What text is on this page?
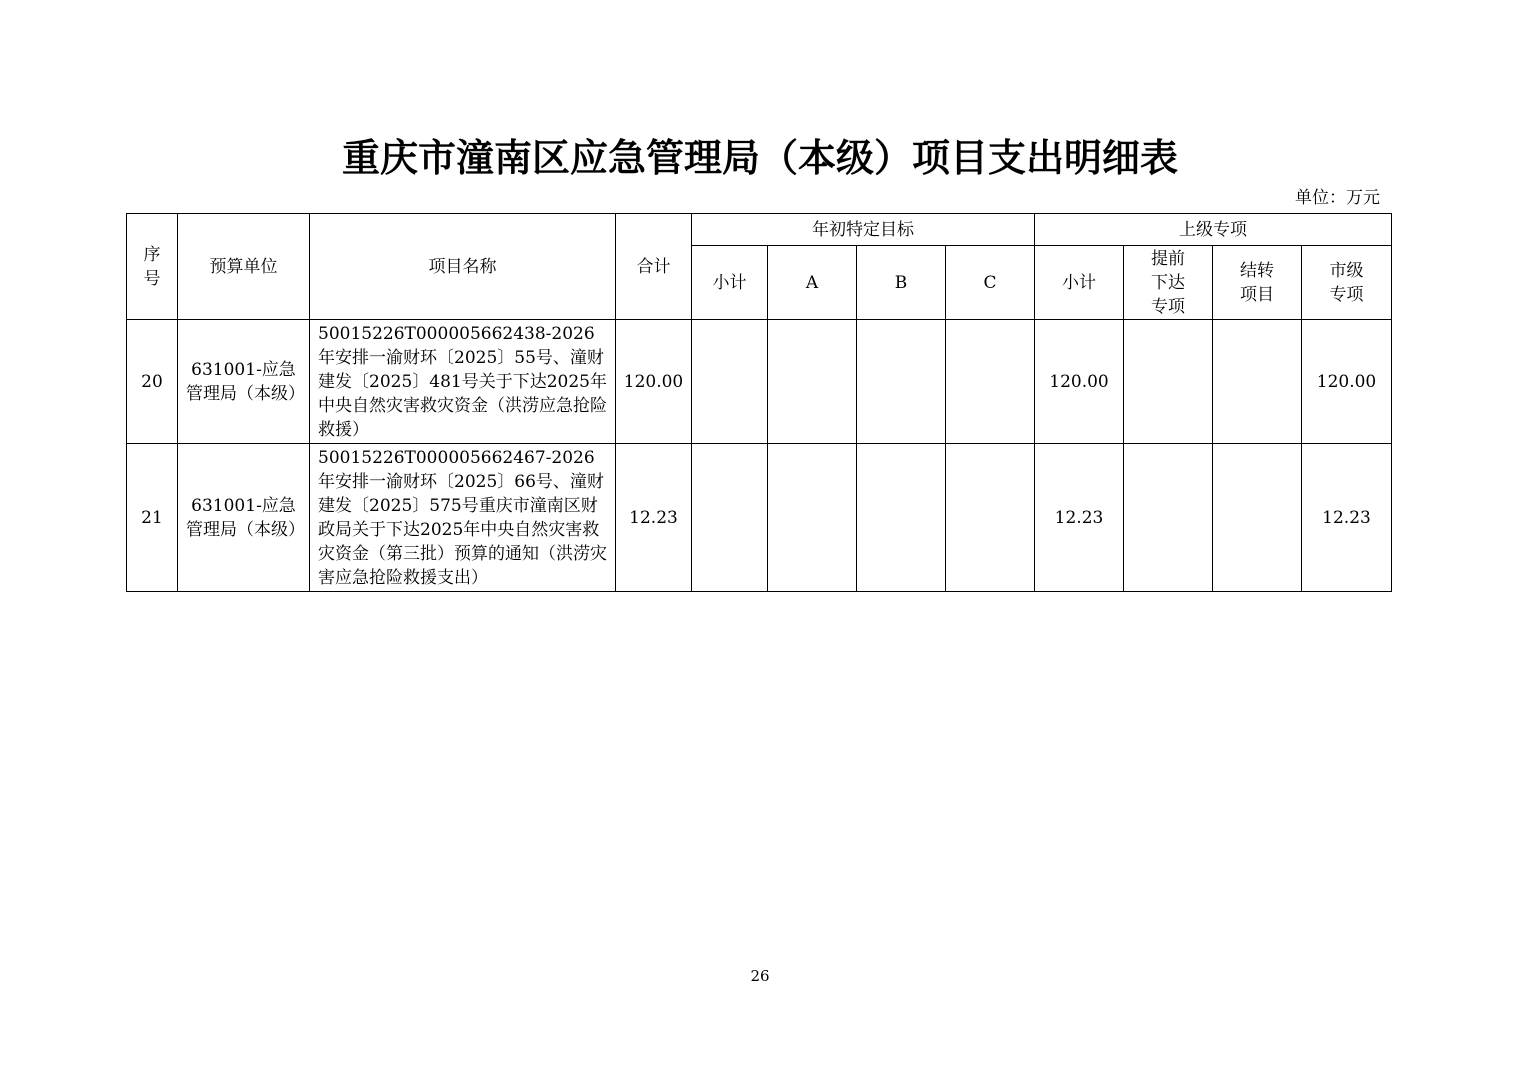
重庆市潼南区应急管理局（本级）项目支出明细表
单位：万元
序号	预算单位	项目名称	合计	年初特定目标				上级专项			
				小计	A	B	C	小计	提前下达专项	结转项目	市级专项
20	631001-应急管理局（本级）	50015226T000005662438-2026年安排一渝财环〔2025〕55号、潼财建发〔2025〕481号关于下达2025年中央自然灾害救灾资金（洪涝应急抢险救援）	120.00					120.00			120.00
21	631001-应急管理局（本级）	50015226T000005662467-2026年安排一渝财环〔2025〕66号、潼财建发〔2025〕575号重庆市潼南区财政局关于下达2025年中央自然灾害救灾资金（第三批）预算的通知（洪涝灾害应急抢险救援支出）	12.23					12.23			12.23
26
